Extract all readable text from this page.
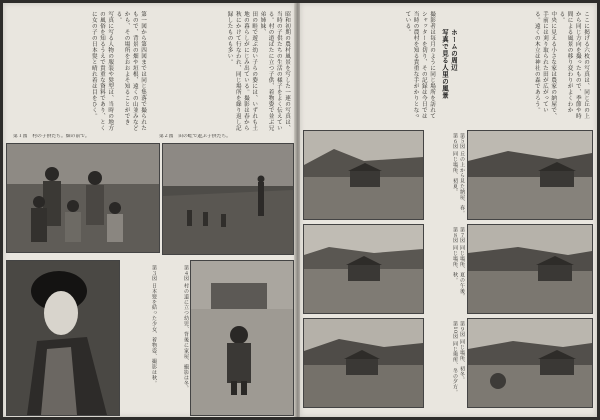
昭和初期の農村風景を写した一連の写真は、当時の子供たちの生活の様子をよく伝えている。村の道ばたに立つ子供、着物姿で並ぶ兄弟姉妹、

田の畦で遊ぶ幼い子らの姿には、いずれも土地の暮らしがにじみ出ている。撮影は春から秋にかけて行なわれ、同じ場所を繰り返し記録したものも多い。

第一図から第四図までは同じ集落で撮られたもので、背景の畑や垣根、遠くの山並みなどから、その場所をおおよそ知ることができる。

写真に写る人物の服装や髪型は、当時の地方の風俗を知るうえで貴重な資料であり、とくに女の子の日本髪と晴れ着は目をひく。

第１図　村の子供たち。畑の前で。	第２図　田の畦で遊ぶ子供たち。

第３図 日本髪を結った少女、着物姿、撮影は秋。	第４図 村の道に立つ幼児、背後に家屋、撮影は冬。

ここに掲げる六枚の写真は、同じ丘の上から同じ方向を撮ったもので、季節や時間による風景の移り変わりがよくわかる。

中央に見える小さな家は農家の納屋で、手前には刈り取られた田が広がっている。遠くの木立は神社の森であろう。

ホームの周辺
写真で見る人里の風景

撮影者は毎月のように同じ場所を訪れてシャッターを切り、その記録は今日では当時の農村を知る貴重な手がかりとなっている。

第５図 丘の上から見た納屋、春。

第６図 同じ場所、初夏。

第７図 同じ場所、夏の午後。

第８図 同じ場所、秋。

第９図 同じ場所、初冬。

第10図 同じ場所、冬の夕方。
